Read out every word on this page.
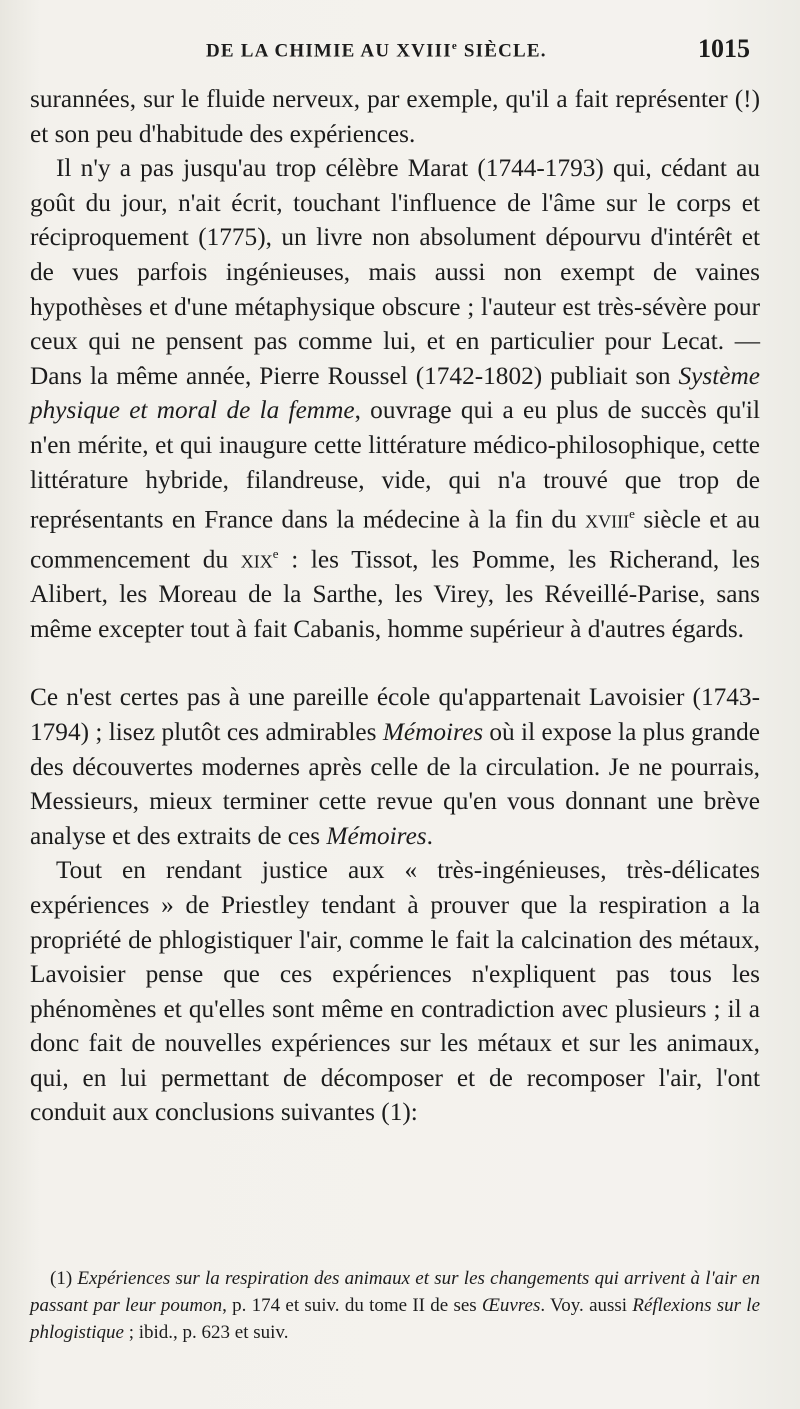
DE LA CHIMIE AU XVIIIe SIÈCLE.	1015

surannées, sur le fluide nerveux, par exemple, qu'il a fait représenter (!) et son peu d'habitude des expériences.

Il n'y a pas jusqu'au trop célèbre Marat (1744-1793) qui, cédant au goût du jour, n'ait écrit, touchant l'influence de l'âme sur le corps et réciproquement (1775), un livre non absolument dépourvu d'intérêt et de vues parfois ingénieuses, mais aussi non exempt de vaines hypothèses et d'une métaphysique obscure ; l'auteur est très-sévère pour ceux qui ne pensent pas comme lui, et en particulier pour Lecat. — Dans la même année, Pierre Roussel (1742-1802) publiait son Système physique et moral de la femme, ouvrage qui a eu plus de succès qu'il n'en mérite, et qui inaugure cette littérature médico-philosophique, cette littérature hybride, filandreuse, vide, qui n'a trouvé que trop de représentants en France dans la médecine à la fin du xviii$^e$ siècle et au commencement du xix$^e$ : les Tissot, les Pomme, les Richerand, les Alibert, les Moreau de la Sarthe, les Virey, les Réveillé-Parise, sans même excepter tout à fait Cabanis, homme supérieur à d'autres égards.

Ce n'est certes pas à une pareille école qu'appartenait Lavoisier (1743-1794) ; lisez plutôt ces admirables Mémoires où il expose la plus grande des découvertes modernes après celle de la circulation. Je ne pourrais, Messieurs, mieux terminer cette revue qu'en vous donnant une brève analyse et des extraits de ces Mémoires.

Tout en rendant justice aux « très-ingénieuses, très-délicates expériences » de Priestley tendant à prouver que la respiration a la propriété de phlogistiquer l'air, comme le fait la calcination des métaux, Lavoisier pense que ces expériences n'expliquent pas tous les phénomènes et qu'elles sont même en contradiction avec plusieurs ; il a donc fait de nouvelles expériences sur les métaux et sur les animaux, qui, en lui permettant de décomposer et de recomposer l'air, l'ont conduit aux conclusions suivantes (1):

(1) Expériences sur la respiration des animaux et sur les changements qui arrivent à l'air en passant par leur poumon, p. 174 et suiv. du tome II de ses Œuvres. Voy. aussi Réflexions sur le phlogistique ; ibid., p. 623 et suiv.
